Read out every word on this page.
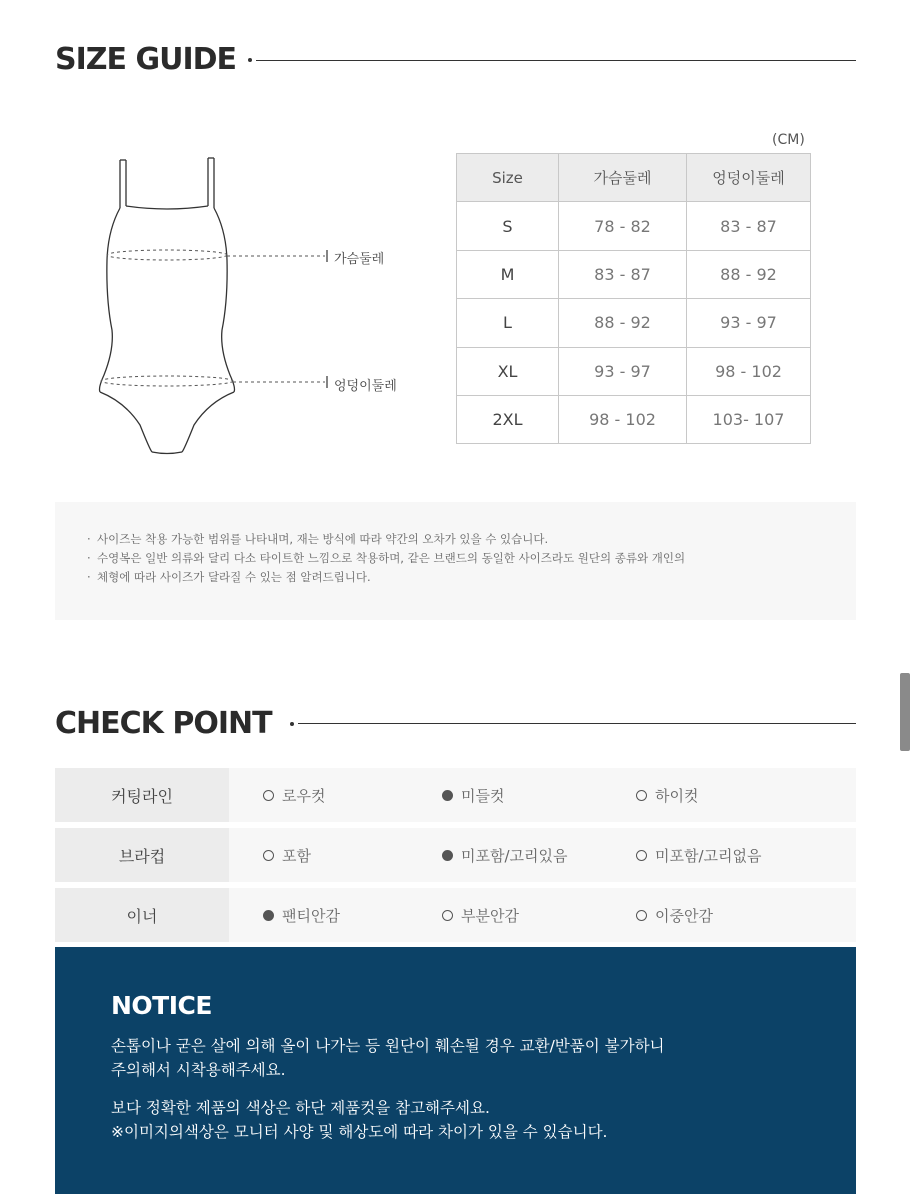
SIZE GUIDE
가슴둘레
엉덩이둘레
(CM)
Size	가슴둘레	엉덩이둘레
S	78 - 82	83 - 87
M	83 - 87	88 - 92
L	88 - 92	93 - 97
XL	93 - 97	98 - 102
2XL	98 - 102	103- 107
· 사이즈는 착용 가능한 범위를 나타내며, 재는 방식에 따라 약간의 오차가 있을 수 있습니다.
· 수영복은 일반 의류와 달리 다소 타이트한 느낌으로 착용하며, 같은 브랜드의 동일한 사이즈라도 원단의 종류와 개인의
· 체형에 따라 사이즈가 달라질 수 있는 점 알려드립니다.
CHECK POINT
커팅라인	로우컷	미들컷	하이컷
브라컵	포함	미포함/고리있음	미포함/고리없음
이너	팬티안감	부분안감	이중안감
NOTICE

손톱이나 굳은 살에 의해 올이 나가는 등 원단이 훼손될 경우 교환/반품이 불가하니

주의해서 시착용해주세요.

보다 정확한 제품의 색상은 하단 제품컷을 참고해주세요.

※이미지의색상은 모니터 사양 및 해상도에 따라 차이가 있을 수 있습니다.
